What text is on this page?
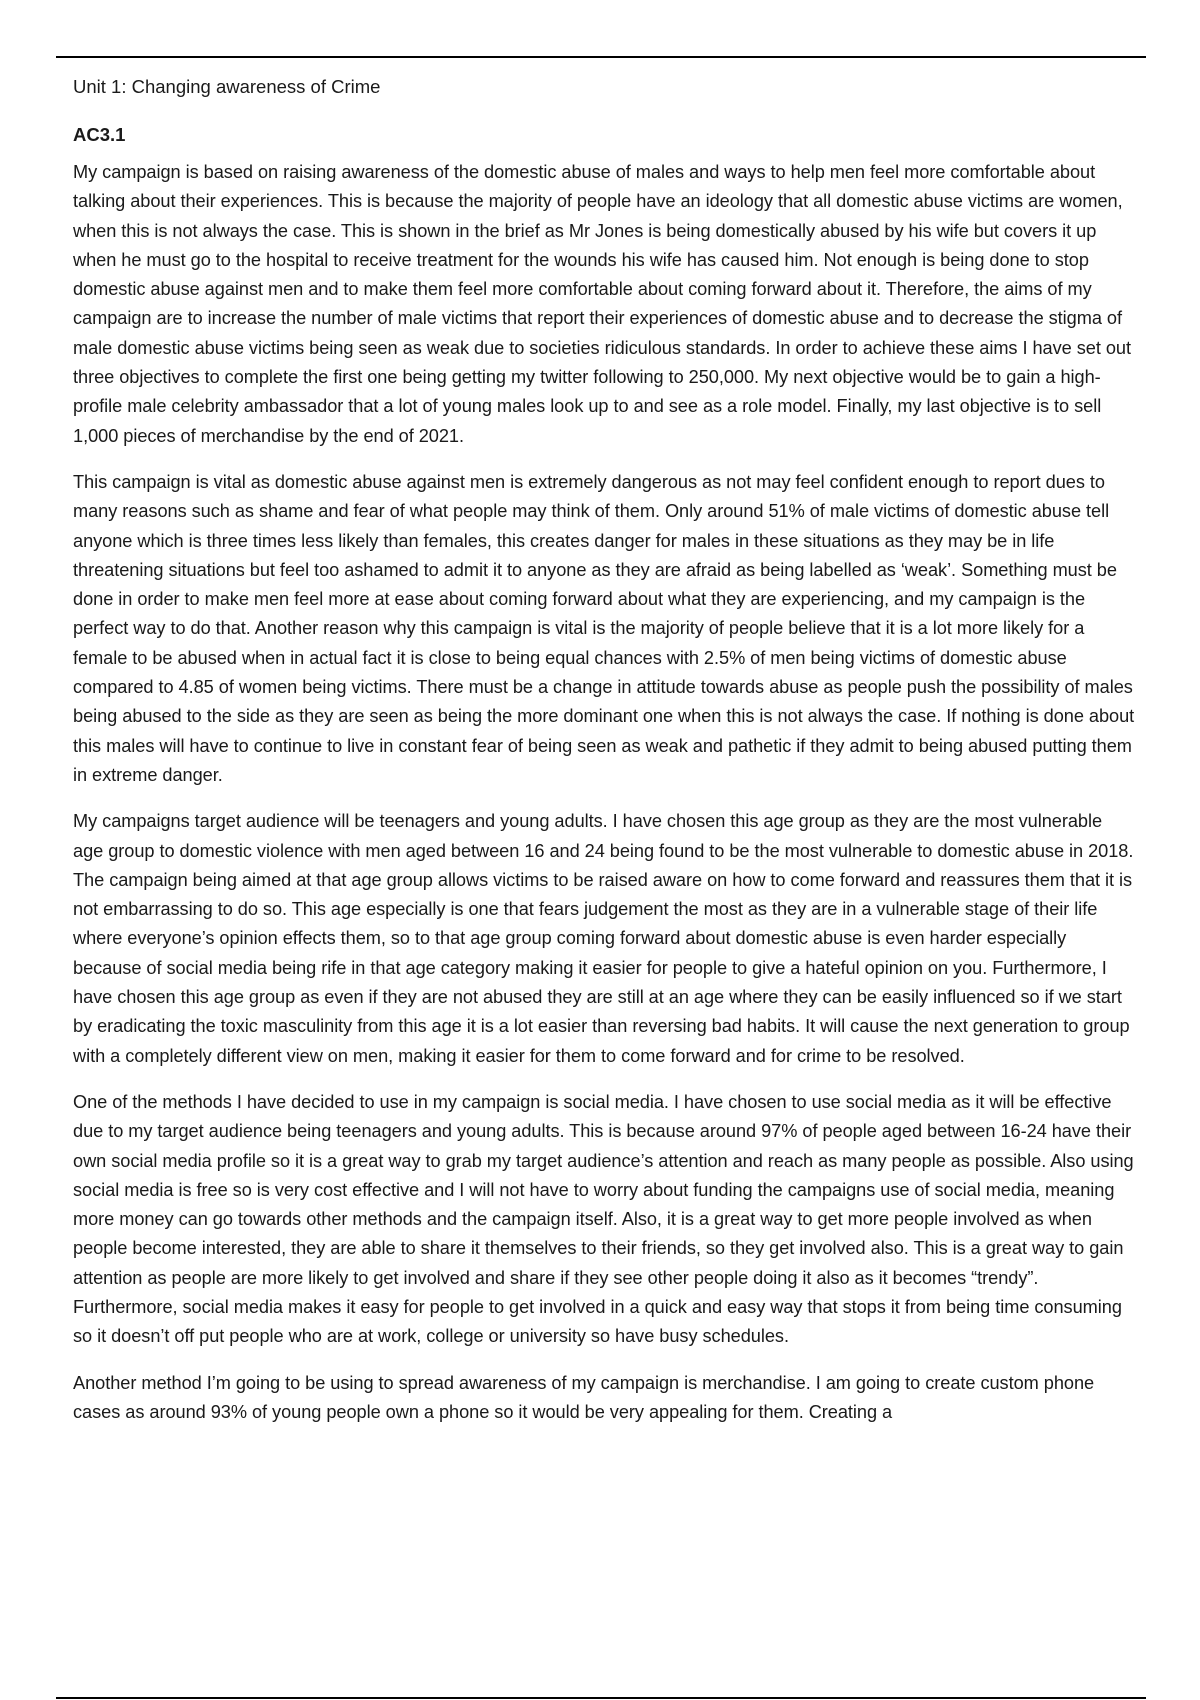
Unit 1: Changing awareness of Crime

AC3.1

My campaign is based on raising awareness of the domestic abuse of males and ways to help men feel more comfortable about talking about their experiences. This is because the majority of people have an ideology that all domestic abuse victims are women, when this is not always the case. This is shown in the brief as Mr Jones is being domestically abused by his wife but covers it up when he must go to the hospital to receive treatment for the wounds his wife has caused him. Not enough is being done to stop domestic abuse against men and to make them feel more comfortable about coming forward about it. Therefore, the aims of my campaign are to increase the number of male victims that report their experiences of domestic abuse and to decrease the stigma of male domestic abuse victims being seen as weak due to societies ridiculous standards. In order to achieve these aims I have set out three objectives to complete the first one being getting my twitter following to 250,000. My next objective would be to gain a high-profile male celebrity ambassador that a lot of young males look up to and see as a role model. Finally, my last objective is to sell 1,000 pieces of merchandise by the end of 2021.

This campaign is vital as domestic abuse against men is extremely dangerous as not may feel confident enough to report dues to many reasons such as shame and fear of what people may think of them. Only around 51% of male victims of domestic abuse tell anyone which is three times less likely than females, this creates danger for males in these situations as they may be in life threatening situations but feel too ashamed to admit it to anyone as they are afraid as being labelled as ‘weak’. Something must be done in order to make men feel more at ease about coming forward about what they are experiencing, and my campaign is the perfect way to do that. Another reason why this campaign is vital is the majority of people believe that it is a lot more likely for a female to be abused when in actual fact it is close to being equal chances with 2.5% of men being victims of domestic abuse compared to 4.85 of women being victims. There must be a change in attitude towards abuse as people push the possibility of males being abused to the side as they are seen as being the more dominant one when this is not always the case. If nothing is done about this males will have to continue to live in constant fear of being seen as weak and pathetic if they admit to being abused putting them in extreme danger.

My campaigns target audience will be teenagers and young adults. I have chosen this age group as they are the most vulnerable age group to domestic violence with men aged between 16 and 24 being found to be the most vulnerable to domestic abuse in 2018. The campaign being aimed at that age group allows victims to be raised aware on how to come forward and reassures them that it is not embarrassing to do so. This age especially is one that fears judgement the most as they are in a vulnerable stage of their life where everyone’s opinion effects them, so to that age group coming forward about domestic abuse is even harder especially because of social media being rife in that age category making it easier for people to give a hateful opinion on you. Furthermore, I have chosen this age group as even if they are not abused they are still at an age where they can be easily influenced so if we start by eradicating the toxic masculinity from this age it is a lot easier than reversing bad habits. It will cause the next generation to group with a completely different view on men, making it easier for them to come forward and for crime to be resolved.

One of the methods I have decided to use in my campaign is social media. I have chosen to use social media as it will be effective due to my target audience being teenagers and young adults. This is because around 97% of people aged between 16-24 have their own social media profile so it is a great way to grab my target audience’s attention and reach as many people as possible. Also using social media is free so is very cost effective and I will not have to worry about funding the campaigns use of social media, meaning more money can go towards other methods and the campaign itself. Also, it is a great way to get more people involved as when people become interested, they are able to share it themselves to their friends, so they get involved also. This is a great way to gain attention as people are more likely to get involved and share if they see other people doing it also as it becomes “trendy”. Furthermore, social media makes it easy for people to get involved in a quick and easy way that stops it from being time consuming so it doesn’t off put people who are at work, college or university so have busy schedules.

Another method I’m going to be using to spread awareness of my campaign is merchandise. I am going to create custom phone cases as around 93% of young people own a phone so it would be very appealing for them. Creating a
